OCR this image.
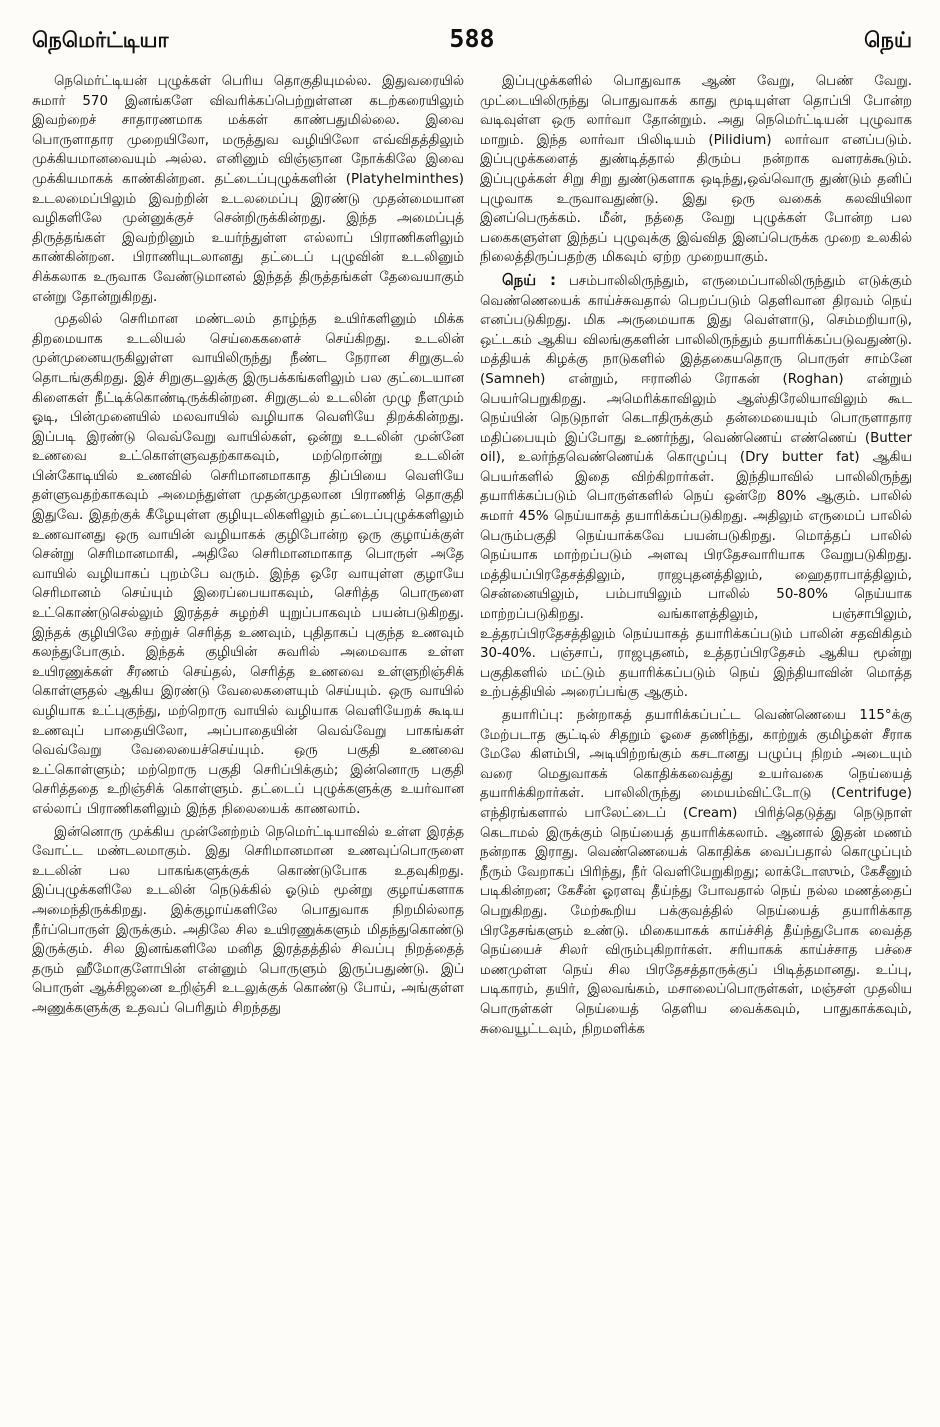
நெமெர்ட்டியா	588	நெய்

நெமெர்ட்டியன் புழுக்கள் பெரிய தொகுதியுமல்ல. இதுவரையில் சுமார் 570 இனங்களே விவரிக்கப்பெற்றுள்ளன கடற்கரையிலும் இவற்றைச் சாதாரணமாக மக்கள் காண்பதுமில்லை. இவை பொருளாதார முறையிலோ, மருத்துவ வழியிலோ எவ்விதத்திலும் முக்கியமானவையும் அல்ல. எனினும் விஞ்ஞான நோக்கிலே இவை முக்கியமாகக் காண்கின்றன. தட்டைப்புழுக்களின் (Platyhelminthes) உடலமைப்பிலும் இவற்றின் உடலமைப்பு இரண்டு முதன்மையான வழிகளிலே முன்னுக்குச் சென்றிருக்கின்றது. இந்த அமைப்புத் திருத்தங்கள் இவற்றினும் உயர்ந்துள்ள எல்லாப் பிராணிகளிலும் காண்கின்றன. பிராணியுடலானது தட்டைப் புழுவின் உடலினும் சிக்கலாக உருவாக வேண்டுமானல் இந்தத் திருத்தங்கள் தேவையாகும் என்று தோன்றுகிறது.

முதலில் செரிமான மண்டலம் தாழ்ந்த உயிர்களினும் மிக்க திறமையாக உடலியல் செய்கைகளைச் செய்கிறது. உடலின் முன்முனையருகிலுள்ள வாயிலிருந்து நீண்ட நேரான சிறுகுடல் தொடங்குகிறது. இச் சிறுகுடலுக்கு இருபக்கங்களிலும் பல குட்டையான கிளைகள் நீட்டிக்கொண்டிருக்கின்றன. சிறுகுடல் உடலின் முழு நீளமும் ஓடி, பின்முனையில் மலவாயில் வழியாக வெளியே திறக்கின்றது. இப்படி இரண்டு வெவ்வேறு வாயில்கள், ஒன்று உடலின் முன்னே உணவை உட்கொள்ளுவதற்காகவும், மற்றொன்று உடலின் பின்கோடியில் உணவில் செரிமானமாகாத திப்பியை வெளியே தள்ளுவதற்காகவும் அமைந்துள்ள முதன்முதலான பிராணித் தொகுதி இதுவே. இதற்குக் கீழேயுள்ள குழியுடலிகளிலும் தட்டைப்புழுக்களிலும் உணவானது ஒரு வாயின் வழியாகக் குழிபோன்ற ஒரு குழாய்க்குள் சென்று செரிமானமாகி, அதிலே செரிமானமாகாத பொருள் அதே வாயில் வழியாகப் புறம்பே வரும். இந்த ஒரே வாயுள்ள குழாயே செரிமானம் செய்யும் இரைப்பையாகவும், செரித்த பொருளை உட்கொண்டுசெல்லும் இரத்தச் சுழற்சி யுறுப்பாகவும் பயன்படுகிறது. இந்தக் குழியிலே சற்றுச் செரித்த உணவும், புதிதாகப் புகுந்த உணவும் கலந்துபோகும். இந்தக் குழியின் சுவரில் அமைவாக உள்ள உயிரணுக்கள் சீரணம் செய்தல், செரித்த உணவை உள்ளுறிஞ்சிக் கொள்ளுதல் ஆகிய இரண்டு வேலைகளையும் செய்யும். ஒரு வாயில் வழியாக உட்புகுந்து, மற்றொரு வாயில் வழியாக வெளியேறக் கூடிய உணவுப் பாதையிலோ, அப்பாதையின் வெவ்வேறு பாகங்கள் வெவ்வேறு வேலையைச்செய்யும். ஒரு பகுதி உணவை உட்கொள்ளும்; மற்றொரு பகுதி செரிப்பிக்கும்; இன்னொரு பகுதி செரித்ததை உறிஞ்சிக் கொள்ளும். தட்டைப் புழுக்களுக்கு உயர்வான எல்லாப் பிராணிகளிலும் இந்த நிலையைக் காணலாம்.

இன்னொரு முக்கிய முன்னேற்றம் நெமெர்ட்டியாவில் உள்ள இரத்த வோட்ட மண்டலமாகும். இது செரிமானமான உணவுப்பொருளை உடலின் பல பாகங்களுக்குக் கொண்டுபோக உதவுகிறது. இப்புழுக்களிலே உடலின் நெடுக்கில் ஓடும் மூன்று குழாய்களாக அமைந்திருக்கிறது. இக்குழாய்களிலே பொதுவாக நிறமில்லாத நீர்ப்பொருள் இருக்கும். அதிலே சில உயிரணுக்களும் மிதந்துகொண்டு இருக்கும். சில இனங்களிலே மனித இரத்தத்தில் சிவப்பு நிறத்தைத் தரும் ஹீமோகுளோபின் என்னும் பொருளும் இருப்பதுண்டு. இப் பொருள் ஆக்சிஜனை உறிஞ்சி உடலுக்குக் கொண்டு போய், அங்குள்ள அணுக்களுக்கு உதவப் பெரிதும் சிறந்தது

இப்புழுக்களில் பொதுவாக ஆண் வேறு, பெண் வேறு. முட்டையிலிருந்து பொதுவாகக் காது மூடியுள்ள தொப்பி போன்ற வடிவுள்ள ஒரு லார்வா தோன்றும். அது நெமெர்ட்டியன் புழுவாக மாறும். இந்த லார்வா பிலிடியம் (Pilidium) லார்வா எனப்படும். இப்புழுக்களைத் துண்டித்தால் திரும்ப நன்றாக வளரக்கூடும். இப்புழுக்கள் சிறு சிறு துண்டுகளாக ஒடிந்து,ஒவ்வொரு துண்டும் தனிப் புழுவாக உருவாவதுண்டு. இது ஒரு வகைக் கலவியிலா இனப்பெருக்கம். மீன், நத்தை வேறு புழுக்கள் போன்ற பல பகைகளுள்ள இந்தப் புழுவுக்கு இவ்வித இனப்பெருக்க முறை உலகில் நிலைத்திருப்பதற்கு மிகவும் ஏற்ற முறையாகும்.

நெய் : பசம்பாலிலிருந்தும், எருமைப்பாலிலிருந்தும் எடுக்கும் வெண்ணெயைக் காய்ச்சுவதால் பெறப்படும் தெளிவான திரவம் நெய் எனப்படுகிறது. மிக அருமையாக இது வெள்ளாடு, செம்மறியாடு, ஒட்டகம் ஆகிய விலங்குகளின் பாலிலிருந்தும் தயாரிக்கப்படுவதுண்டு. மத்தியக் கிழக்கு நாடுகளில் இத்தகையதொரு பொருள் சாம்னே (Samneh) என்றும், ஈரானில் ரோகன் (Roghan) என்றும் பெயர்பெறுகிறது. அமெரிக்காவிலும் ஆஸ்திரேலியாவிலும் கூட நெய்யின் நெடுநாள் கெடாதிருக்கும் தன்மையையும் பொருளாதார மதிப்பையும் இப்போது உணர்ந்து, வெண்ணெய் எண்ணெய் (Butter oil), உலர்ந்தவெண்ணெய்க் கொழுப்பு (Dry butter fat) ஆகிய பெயர்களில் இதை விற்கிறார்கள். இந்தியாவில் பாலிலிருந்து தயாரிக்கப்படும் பொருள்களில் நெய் ஒன்றே 80% ஆகும். பாலில் சுமார் 45% நெய்யாகத் தயாரிக்கப்படுகிறது. அதிலும் எருமைப் பாலில் பெரும்பகுதி நெய்யாக்கவே பயன்படுகிறது. மொத்தப் பாலில் நெய்யாக மாற்றப்படும் அளவு பிரதேசவாரியாக வேறுபடுகிறது. மத்தியப்பிரதேசத்திலும், ராஜபுதனத்திலும், ஹைதராபாத்திலும், சென்னையிலும், பம்பாயிலும் பாலில் 50-80% நெய்யாக மாற்றப்படுகிறது. வங்காளத்திலும், பஞ்சாபிலும், உத்தரப்பிரதேசத்திலும் நெய்யாகத் தயாரிக்கப்படும் பாலின் சதவிகிதம் 30-40%. பஞ்சாப், ராஜபுதனம், உத்தரப்பிரதேசம் ஆகிய மூன்று பகுதிகளில் மட்டும் தயாரிக்கப்படும் நெய் இந்தியாவின் மொத்த உற்பத்தியில் அரைப்பங்கு ஆகும்.

தயாரிப்பு: நன்றாகத் தயாரிக்கப்பட்ட வெண்ணெயை 115°க்கு மேற்படாத சூட்டில் சிதறும் ஓசை தணிந்து, காற்றுக் குமிழ்கள் சீராக மேலே கிளம்பி, அடியிற்றங்கும் கசடானது பழுப்பு நிறம் அடையும் வரை மெதுவாகக் கொதிக்கவைத்து உயர்வகை நெய்யைத் தயாரிக்கிறார்கள். பாலிலிருந்து மையம்விட்டோடு (Centrifuge) எந்திரங்களால் பாலேட்டைப் (Cream) பிரித்தெடுத்து நெடுநாள் கெடாமல் இருக்கும் நெய்யைத் தயாரிக்கலாம். ஆனால் இதன் மணம் நன்றாக இராது. வெண்ணெயைக் கொதிக்க வைப்பதால் கொழுப்பும் நீரும் வேறாகப் பிரிந்து, நீர் வெளியேறுகிறது; லாக்டோஸும், கேசீனும் படிகின்றன; கேசீன் ஓரளவு தீய்ந்து போவதால் நெய் நல்ல மணத்தைப் பெறுகிறது. மேற்கூறிய பக்குவத்தில் நெய்யைத் தயாரிக்காத பிரதேசங்களும் உண்டு. மிகையாகக் காய்ச்சித் தீய்ந்துபோக வைத்த நெய்யைச் சிலர் விரும்புகிறார்கள். சரியாகக் காய்ச்சாத பச்சை மணமுள்ள நெய் சில பிரதேசத்தாருக்குப் பிடித்தமானது. உப்பு, படிகாரம், தயிர், இலவங்கம், மசாலைப்பொருள்கள், மஞ்சள் முதலிய பொருள்கள் நெய்யைத் தெளிய வைக்கவும், பாதுகாக்கவும், சுவையூட்டவும், நிறமளிக்க
